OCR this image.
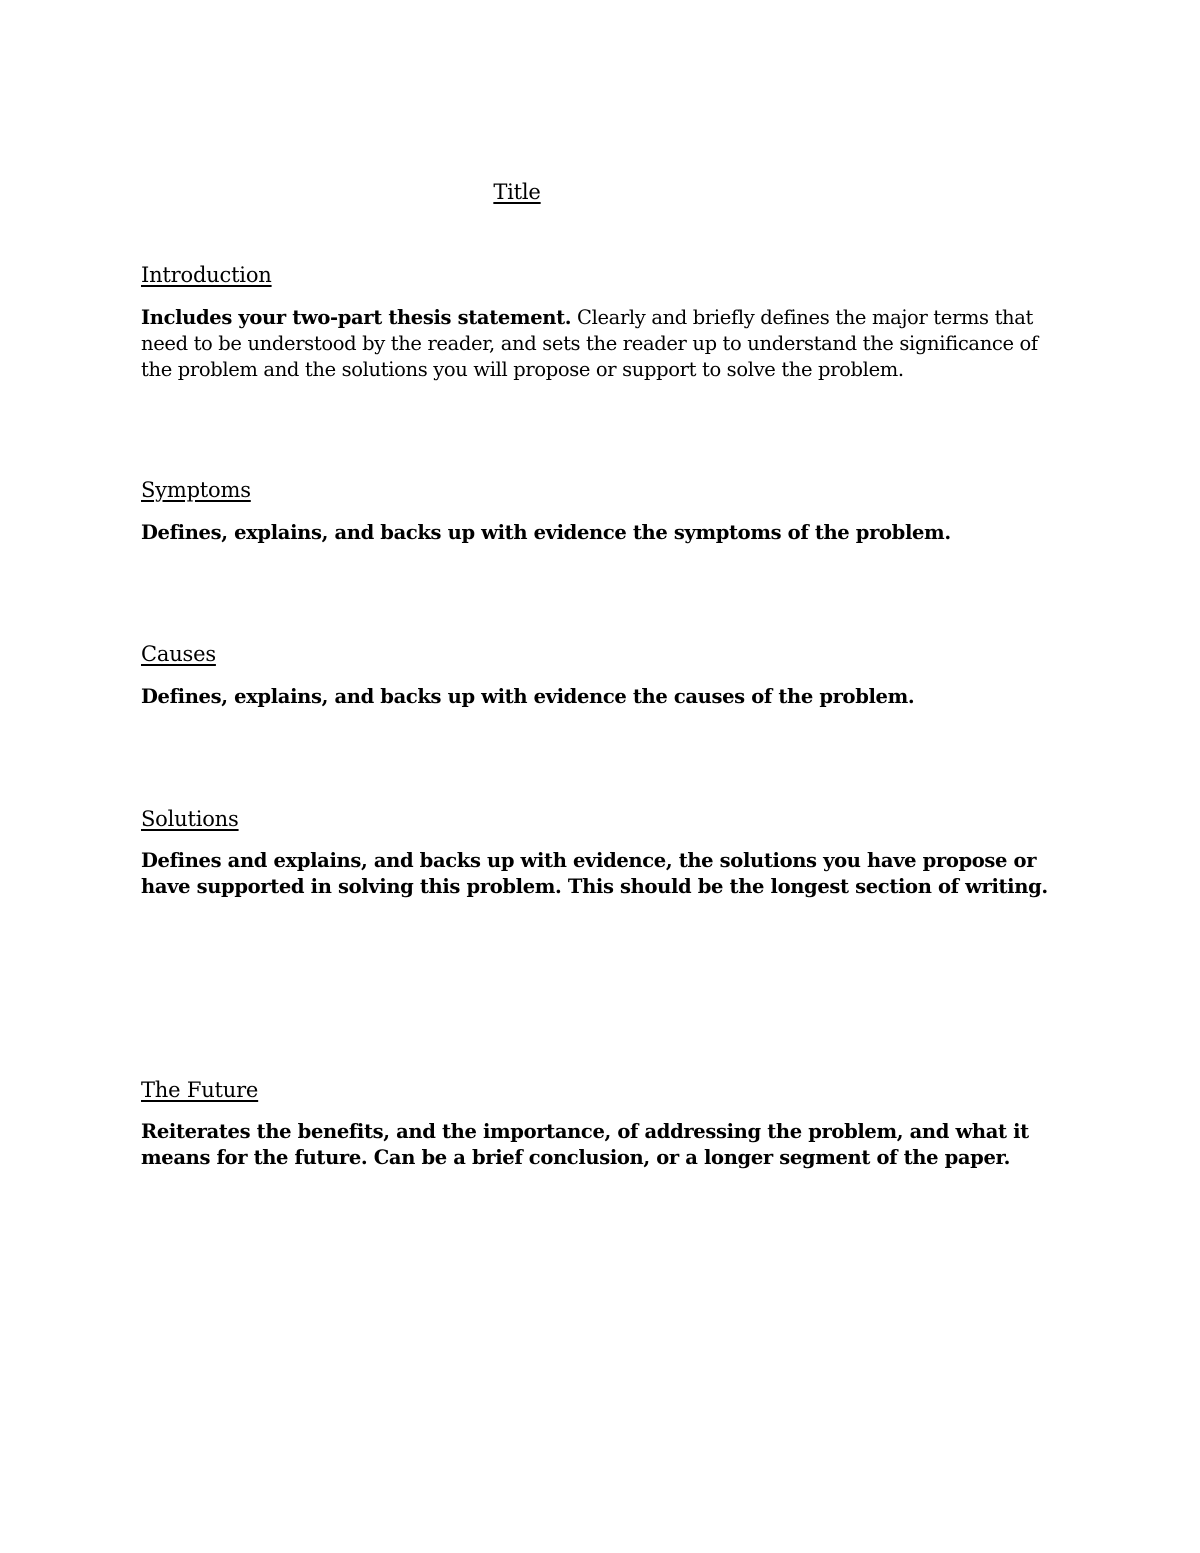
Title
Introduction

Includes your two-part thesis statement. Clearly and briefly defines the major terms that need to be understood by the reader, and sets the reader up to understand the significance of the problem and the solutions you will propose or support to solve the problem.

Symptoms

Defines, explains, and backs up with evidence the symptoms of the problem.

Causes

Defines, explains, and backs up with evidence the causes of the problem.

Solutions

Defines and explains, and backs up with evidence, the solutions you have propose or have supported in solving this problem. This should be the longest section of writing.

The Future

Reiterates the benefits, and the importance, of addressing the problem, and what it means for the future. Can be a brief conclusion, or a longer segment of the paper.
